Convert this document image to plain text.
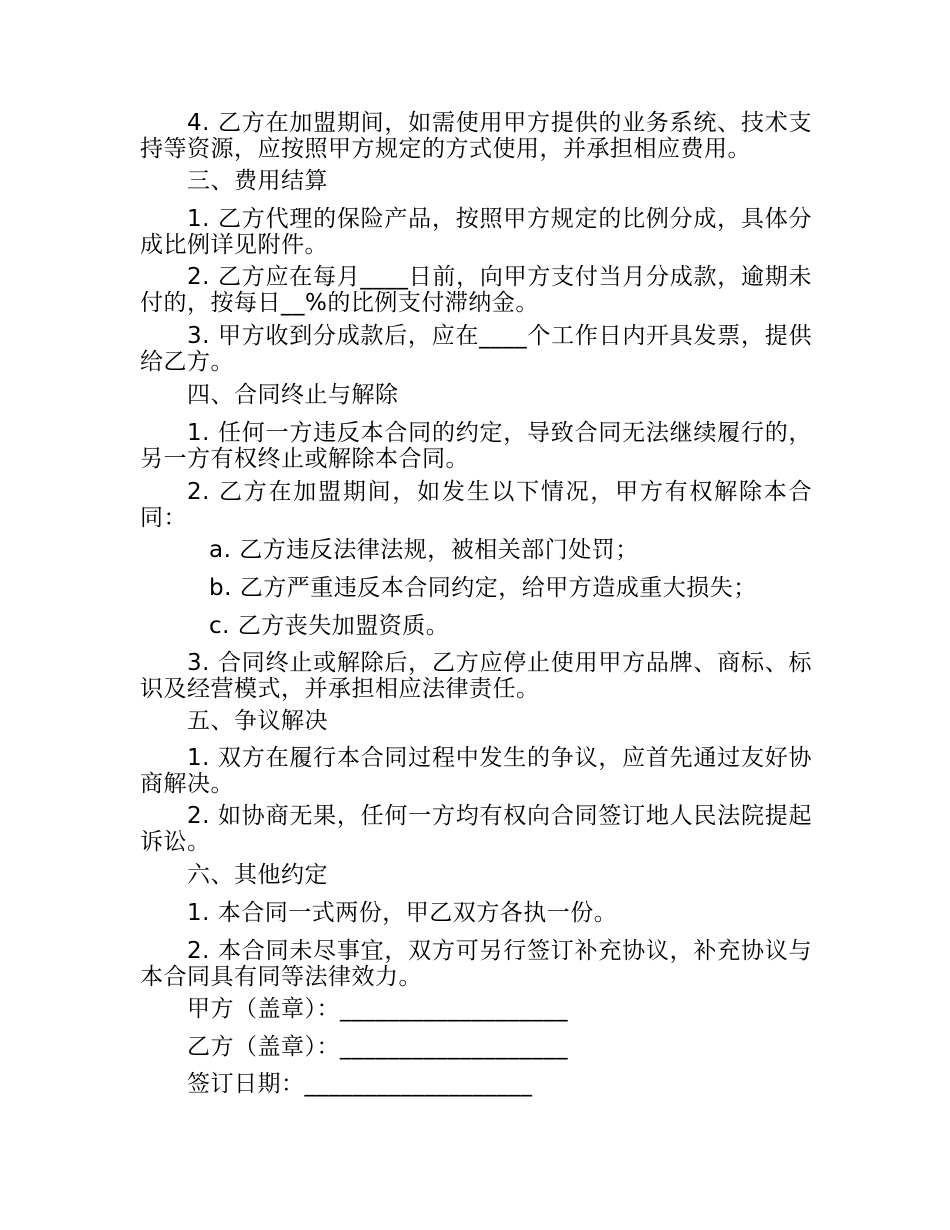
4. 乙方在加盟期间，如需使用甲方提供的业务系统、技术支持等资源，应按照甲方规定的方式使用，并承担相应费用。
三、费用结算
1. 乙方代理的保险产品，按照甲方规定的比例分成，具体分成比例详见附件。
2. 乙方应在每月____日前，向甲方支付当月分成款，逾期未付的，按每日__%的比例支付滞纳金。
3. 甲方收到分成款后，应在____个工作日内开具发票，提供给乙方。
四、合同终止与解除
1. 任何一方违反本合同的约定，导致合同无法继续履行的，另一方有权终止或解除本合同。
2. 乙方在加盟期间，如发生以下情况，甲方有权解除本合同：
a. 乙方违反法律法规，被相关部门处罚；
b. 乙方严重违反本合同约定，给甲方造成重大损失；
c. 乙方丧失加盟资质。
3. 合同终止或解除后，乙方应停止使用甲方品牌、商标、标识及经营模式，并承担相应法律责任。
五、争议解决
1. 双方在履行本合同过程中发生的争议，应首先通过友好协商解决。
2. 如协商无果，任何一方均有权向合同签订地人民法院提起诉讼。
六、其他约定
1. 本合同一式两份，甲乙双方各执一份。
2. 本合同未尽事宜，双方可另行签订补充协议，补充协议与本合同具有同等法律效力。
甲方（盖章）：___________________
乙方（盖章）：___________________
签订日期：___________________
